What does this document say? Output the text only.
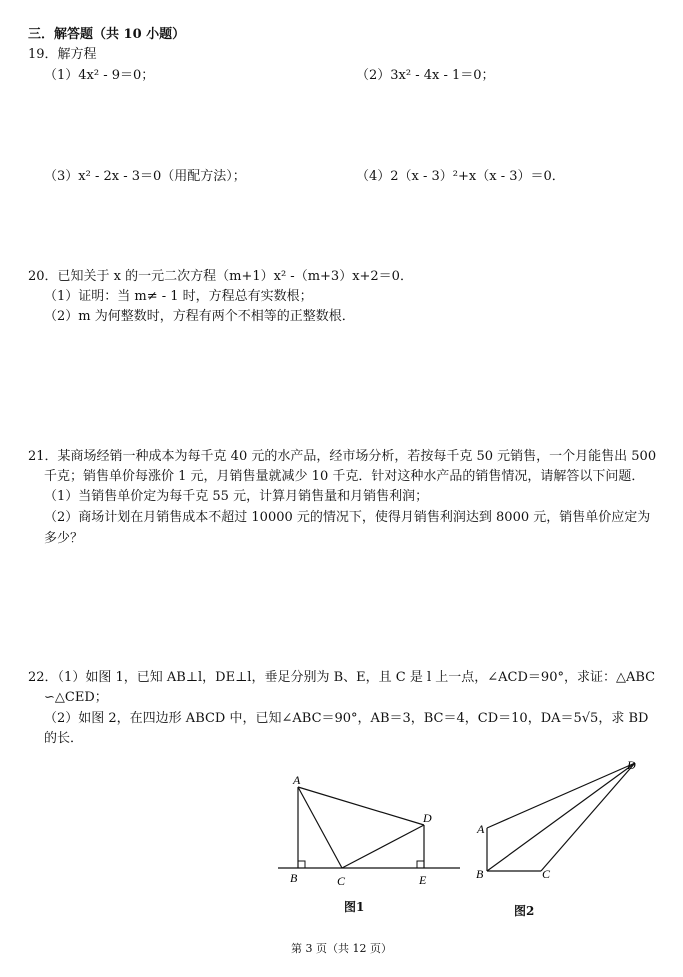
三．解答题（共 10 小题）
19．解方程
（1）4x² - 9＝0；	（2）3x² - 4x - 1＝0；
（3）x² - 2x - 3＝0（用配方法）；	（4）2（x - 3）²+x（x - 3）＝0．
20．已知关于 x 的一元二次方程（m+1）x² -（m+3）x+2＝0．
（1）证明：当 m≠ - 1 时，方程总有实数根；
（2）m 为何整数时，方程有两个不相等的正整数根．
21．某商场经销一种成本为每千克 40 元的水产品，经市场分析，若按每千克 50 元销售，一个月能售出 500
千克；销售单价每涨价 1 元，月销售量就减少 10 千克．针对这种水产品的销售情况，请解答以下问题．
（1）当销售单价定为每千克 55 元，计算月销售量和月销售利润；
（2）商场计划在月销售成本不超过 10000 元的情况下，使得月销售利润达到 8000 元，销售单价应定为
多少？
22．（1）如图 1，已知 AB⊥l，DE⊥l，垂足分别为 B、E，且 C 是 l 上一点，∠ACD＝90°，求证：△ABC
∽△CED；
（2）如图 2，在四边形 ABCD 中，已知∠ABC＝90°，AB＝3，BC＝4，CD＝10，DA＝5√5，求 BD
的长．
A
B	C
D
E
图1
A
B	C
D
图2
第 3 页（共 12 页）
